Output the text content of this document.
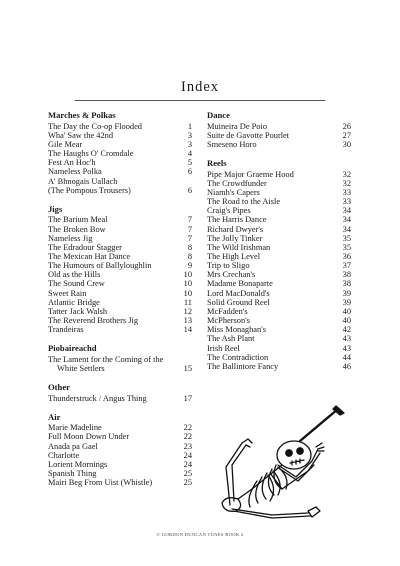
Index
Marches & Polkas
The Day the Co-op Flooded	1
Wha' Saw the 42nd	3
Gile Mear	3
The Haughs O' Cromdale	4
Fest An Hoc'h	5
Nameless Polka	6
A' Bhnogais Uallach
(The Pompous Trousers)	6
Jigs
The Barium Meal	7
The Broken Bow	7
Nameless Jig	7
The Edradour Stagger	8
The Mexican Hat Dance	8
The Humours of Ballyloughlin	9
Old as the Hills	10
The Sound Crew	10
Sweet Rain	10
Atlantic Bridge	11
Tatter Jack Walsh	12
The Reverend Brothers Jig	13
Trandeiras	14
Piobaireachd
The Lament for the Coming of the
White Settlers	15
Other
Thunderstruck / Angus Thing	17
Air
Marie Madeline	22
Full Moon Down Under	22
Anada pa Gael	23
Charlotte	24
Lorient Mornings	24
Spanish Thing	25
Mairi Beg From Uist (Whistle)	25
Dance
Muineira De Poio	26
Suite de Gavotte Pourlet	27
Smeseno Horo	30
Reels
Pipe Major Graeme Hood	32
The Crowdfunder	32
Niamh's Capers	33
The Road to the Aisle	33
Craig's Pipes	34
The Harris Dance	34
Richard Dwyer's	34
The Jolly Tinker	35
The Wild Irishman	35
The High Level	36
Trip to Sligo	37
Mrs Crechan's	38
Madame Bonaparte	38
Lord MacDonald's	39
Solid Ground Reel	39
McFadden's	40
McPherson's	40
Miss Monaghan's	42
The Ash Plant	43
Irish Reel	43
The Contradiction	44
The Ballintore Fancy	46
© GORDON DUNCAN TUNES BOOK 2
